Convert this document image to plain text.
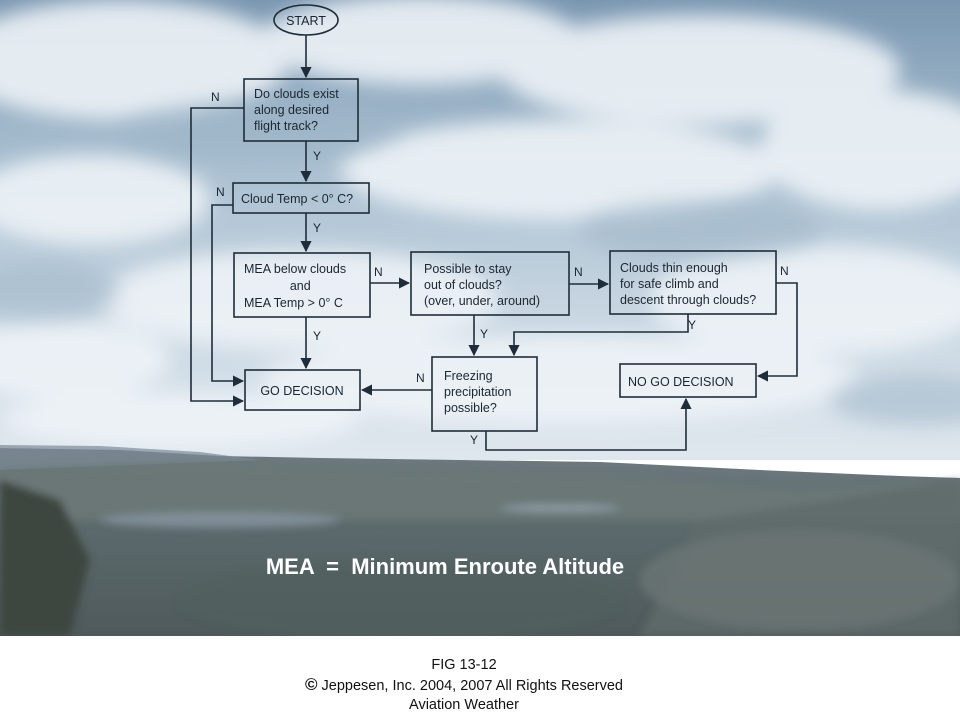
START
Do clouds exist along desired flight track?
Cloud Temp < 0° C?
MEA below clouds and MEA Temp > 0° C
Possible to stay out of clouds? (over, under, around)
Clouds thin enough for safe climb and descent through clouds?
Freezing precipitation possible?
GO DECISION
NO GO DECISION
Y
Y
Y	Y
Y
Y
N
N
N	N	N
N
MEA  =  Minimum Enroute Altitude
FIG 13-12
© Jeppesen, Inc. 2004, 2007 All Rights Reserved
Aviation Weather
